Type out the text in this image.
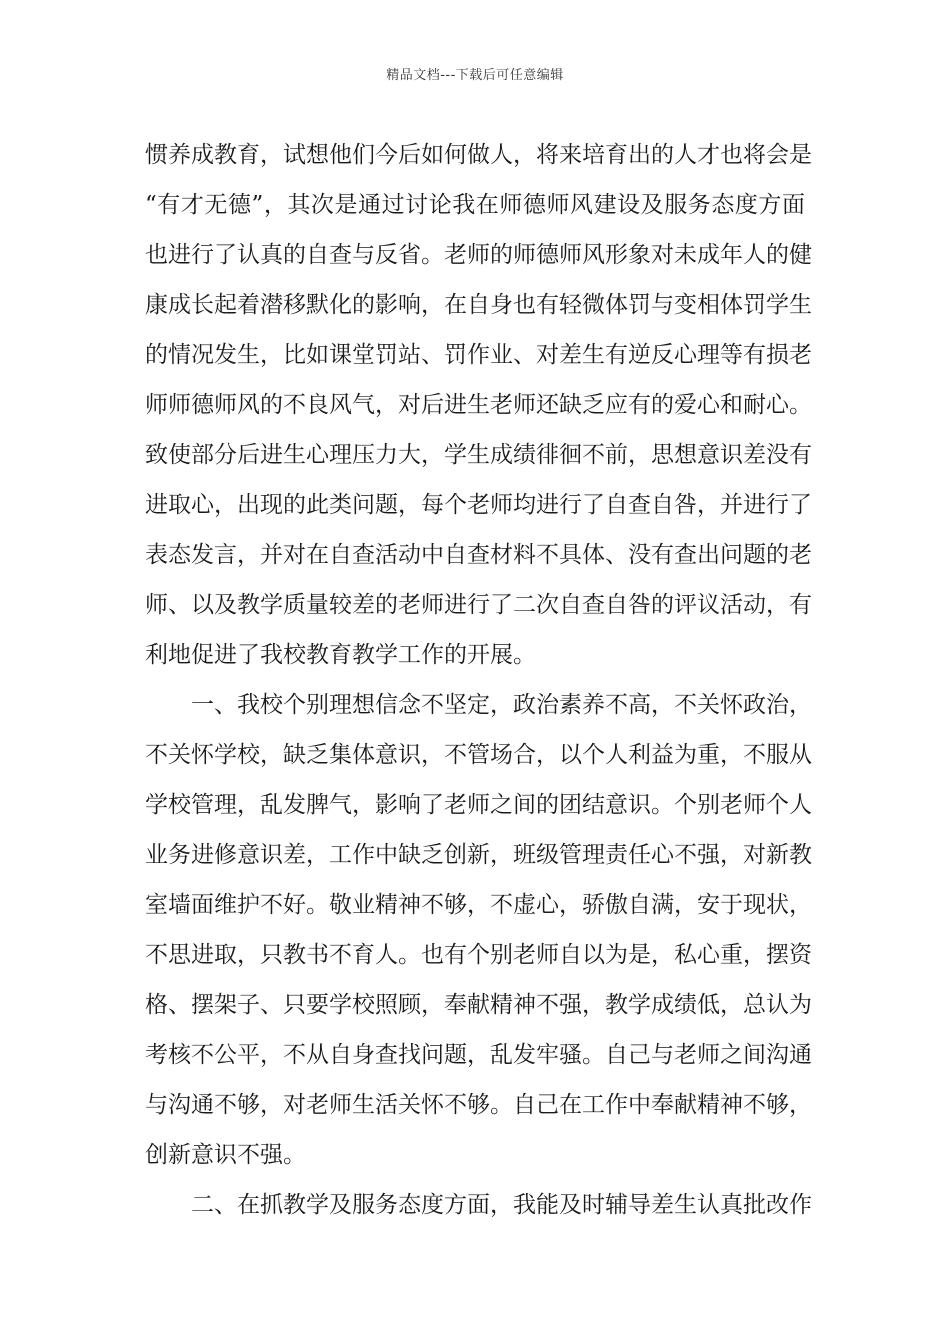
精品文档---下载后可任意编辑
惯养成教育，试想他们今后如何做人，将来培育出的人才也将会是
“有才无德”，其次是通过讨论我在师德师风建设及服务态度方面
也进行了认真的自查与反省。老师的师德师风形象对未成年人的健
康成长起着潜移默化的影响，在自身也有轻微体罚与变相体罚学生
的情况发生，比如课堂罚站、罚作业、对差生有逆反心理等有损老
师师德师风的不良风气，对后进生老师还缺乏应有的爱心和耐心。
致使部分后进生心理压力大，学生成绩徘徊不前，思想意识差没有
进取心，出现的此类问题，每个老师均进行了自查自咎，并进行了
表态发言，并对在自查活动中自查材料不具体、没有查出问题的老
师、以及教学质量较差的老师进行了二次自查自咎的评议活动，有
利地促进了我校教育教学工作的开展。
一、我校个别理想信念不坚定，政治素养不高，不关怀政治，
不关怀学校，缺乏集体意识，不管场合，以个人利益为重，不服从
学校管理，乱发脾气，影响了老师之间的团结意识。个别老师个人
业务进修意识差，工作中缺乏创新，班级管理责任心不强，对新教
室墙面维护不好。敬业精神不够，不虚心，骄傲自满，安于现状，
不思进取，只教书不育人。也有个别老师自以为是，私心重，摆资
格、摆架子、只要学校照顾，奉献精神不强，教学成绩低，总认为
考核不公平，不从自身查找问题，乱发牢骚。自己与老师之间沟通
与沟通不够，对老师生活关怀不够。自己在工作中奉献精神不够，
创新意识不强。
二、在抓教学及服务态度方面，我能及时辅导差生认真批改作
